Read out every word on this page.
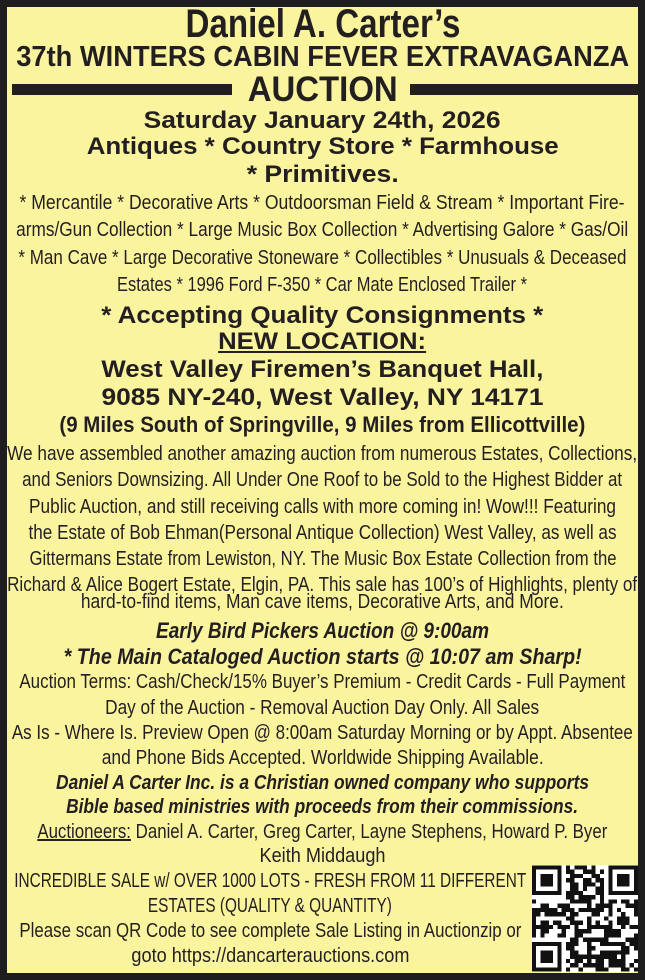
Daniel A. Carter’s
37th WINTERS CABIN FEVER EXTRAVAGANZA
AUCTION
Saturday January 24th, 2026
Antiques * Country Store * Farmhouse
* Primitives.
* Mercantile * Decorative Arts * Outdoorsman Field & Stream * Important Fire-
arms/Gun Collection * Large Music Box Collection * Advertising Galore * Gas/Oil
* Man Cave * Large Decorative Stoneware * Collectibles * Unusuals & Deceased
Estates * 1996 Ford F-350 * Car Mate Enclosed Trailer *
* Accepting Quality Consignments *
NEW LOCATION:
West Valley Firemen’s Banquet Hall,
9085 NY-240, West Valley, NY 14171
(9 Miles South of Springville, 9 Miles from Ellicottville)
We have assembled another amazing auction from numerous Estates, Collections,
and Seniors Downsizing. All Under One Roof to be Sold to the Highest Bidder at
Public Auction, and still receiving calls with more coming in! Wow!!! Featuring
the Estate of Bob Ehman(Personal Antique Collection) West Valley, as well as
Gittermans Estate from Lewiston, NY. The Music Box Estate Collection from the
Richard & Alice Bogert Estate, Elgin, PA. This sale has 100’s of Highlights, plenty of
hard-to-find items, Man cave items, Decorative Arts, and More.
Early Bird Pickers Auction @ 9:00am
* The Main Cataloged Auction starts @ 10:07 am Sharp!
Auction Terms: Cash/Check/15% Buyer’s Premium - Credit Cards - Full Payment
Day of the Auction - Removal Auction Day Only. All Sales
As Is - Where Is. Preview Open @ 8:00am Saturday Morning or by Appt. Absentee
and Phone Bids Accepted. Worldwide Shipping Available.
Daniel A Carter Inc. is a Christian owned company who supports
Bible based ministries with proceeds from their commissions.
Auctioneers: Daniel A. Carter, Greg Carter, Layne Stephens, Howard P. Byer
Keith Middaugh
INCREDIBLE SALE w/ OVER 1000 LOTS - FRESH FROM 11 DIFFERENT
ESTATES (QUALITY & QUANTITY)
Please scan QR Code to see complete Sale Listing in Auctionzip or
goto https://dancarterauctions.com
